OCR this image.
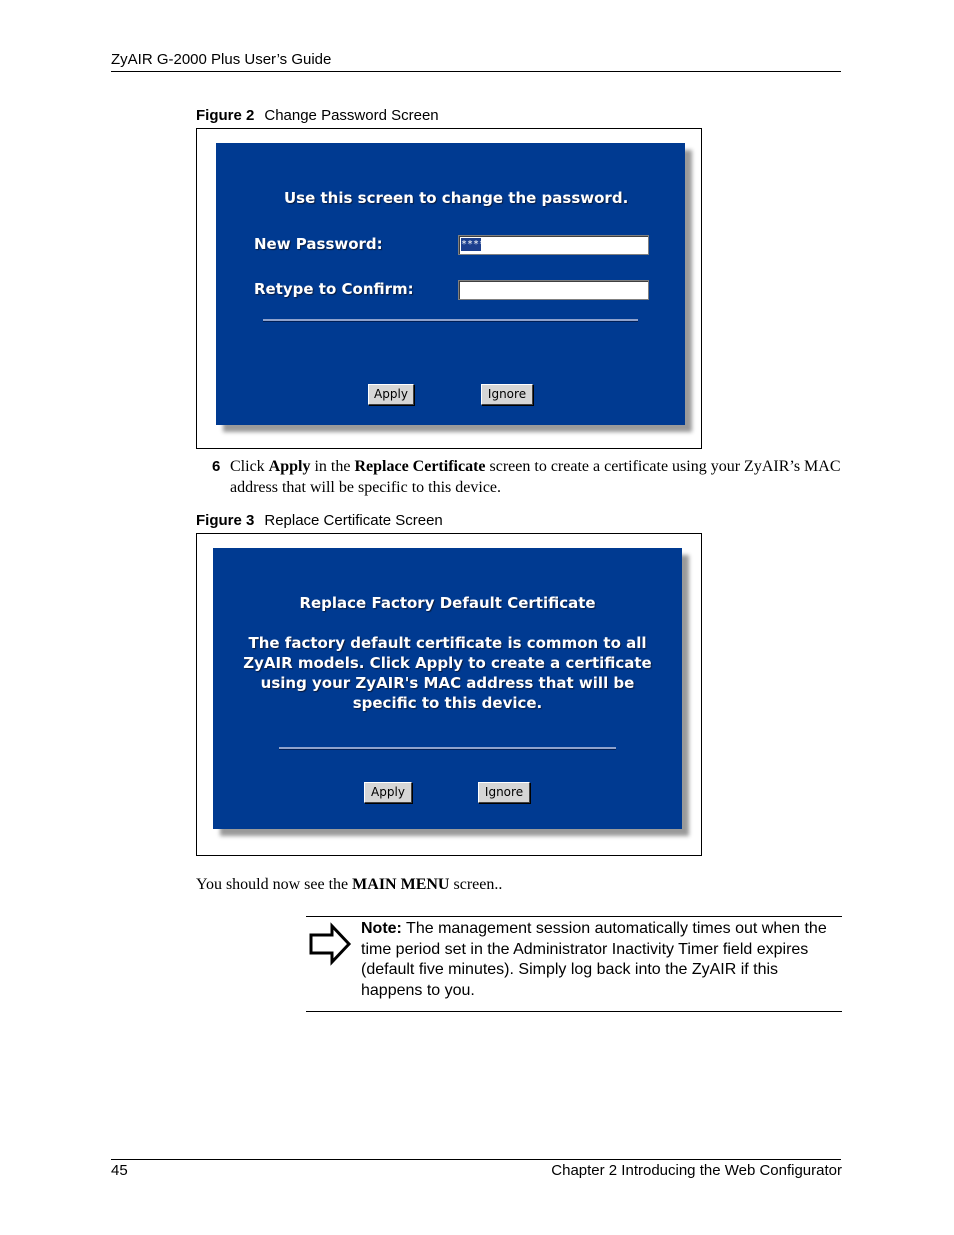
ZyAIR G-2000 Plus User’s Guide
Figure 2 Change Password Screen
Use this screen to change the password.
New Password:	****
Retype to Confirm:
Apply	Ignore
6 Click Apply in the Replace Certificate screen to create a certificate using your ZyAIR’s MAC address that will be specific to this device.
Figure 3 Replace Certificate Screen
Replace Factory Default Certificate
The factory default certificate is common to all
ZyAIR models. Click Apply to create a certificate
using your ZyAIR's MAC address that will be
specific to this device.
Apply	Ignore
You should now see the MAIN MENU screen..
Note: The management session automatically times out when the time period set in the Administrator Inactivity Timer field expires (default five minutes). Simply log back into the ZyAIR if this happens to you.
45	Chapter 2 Introducing the Web Configurator
